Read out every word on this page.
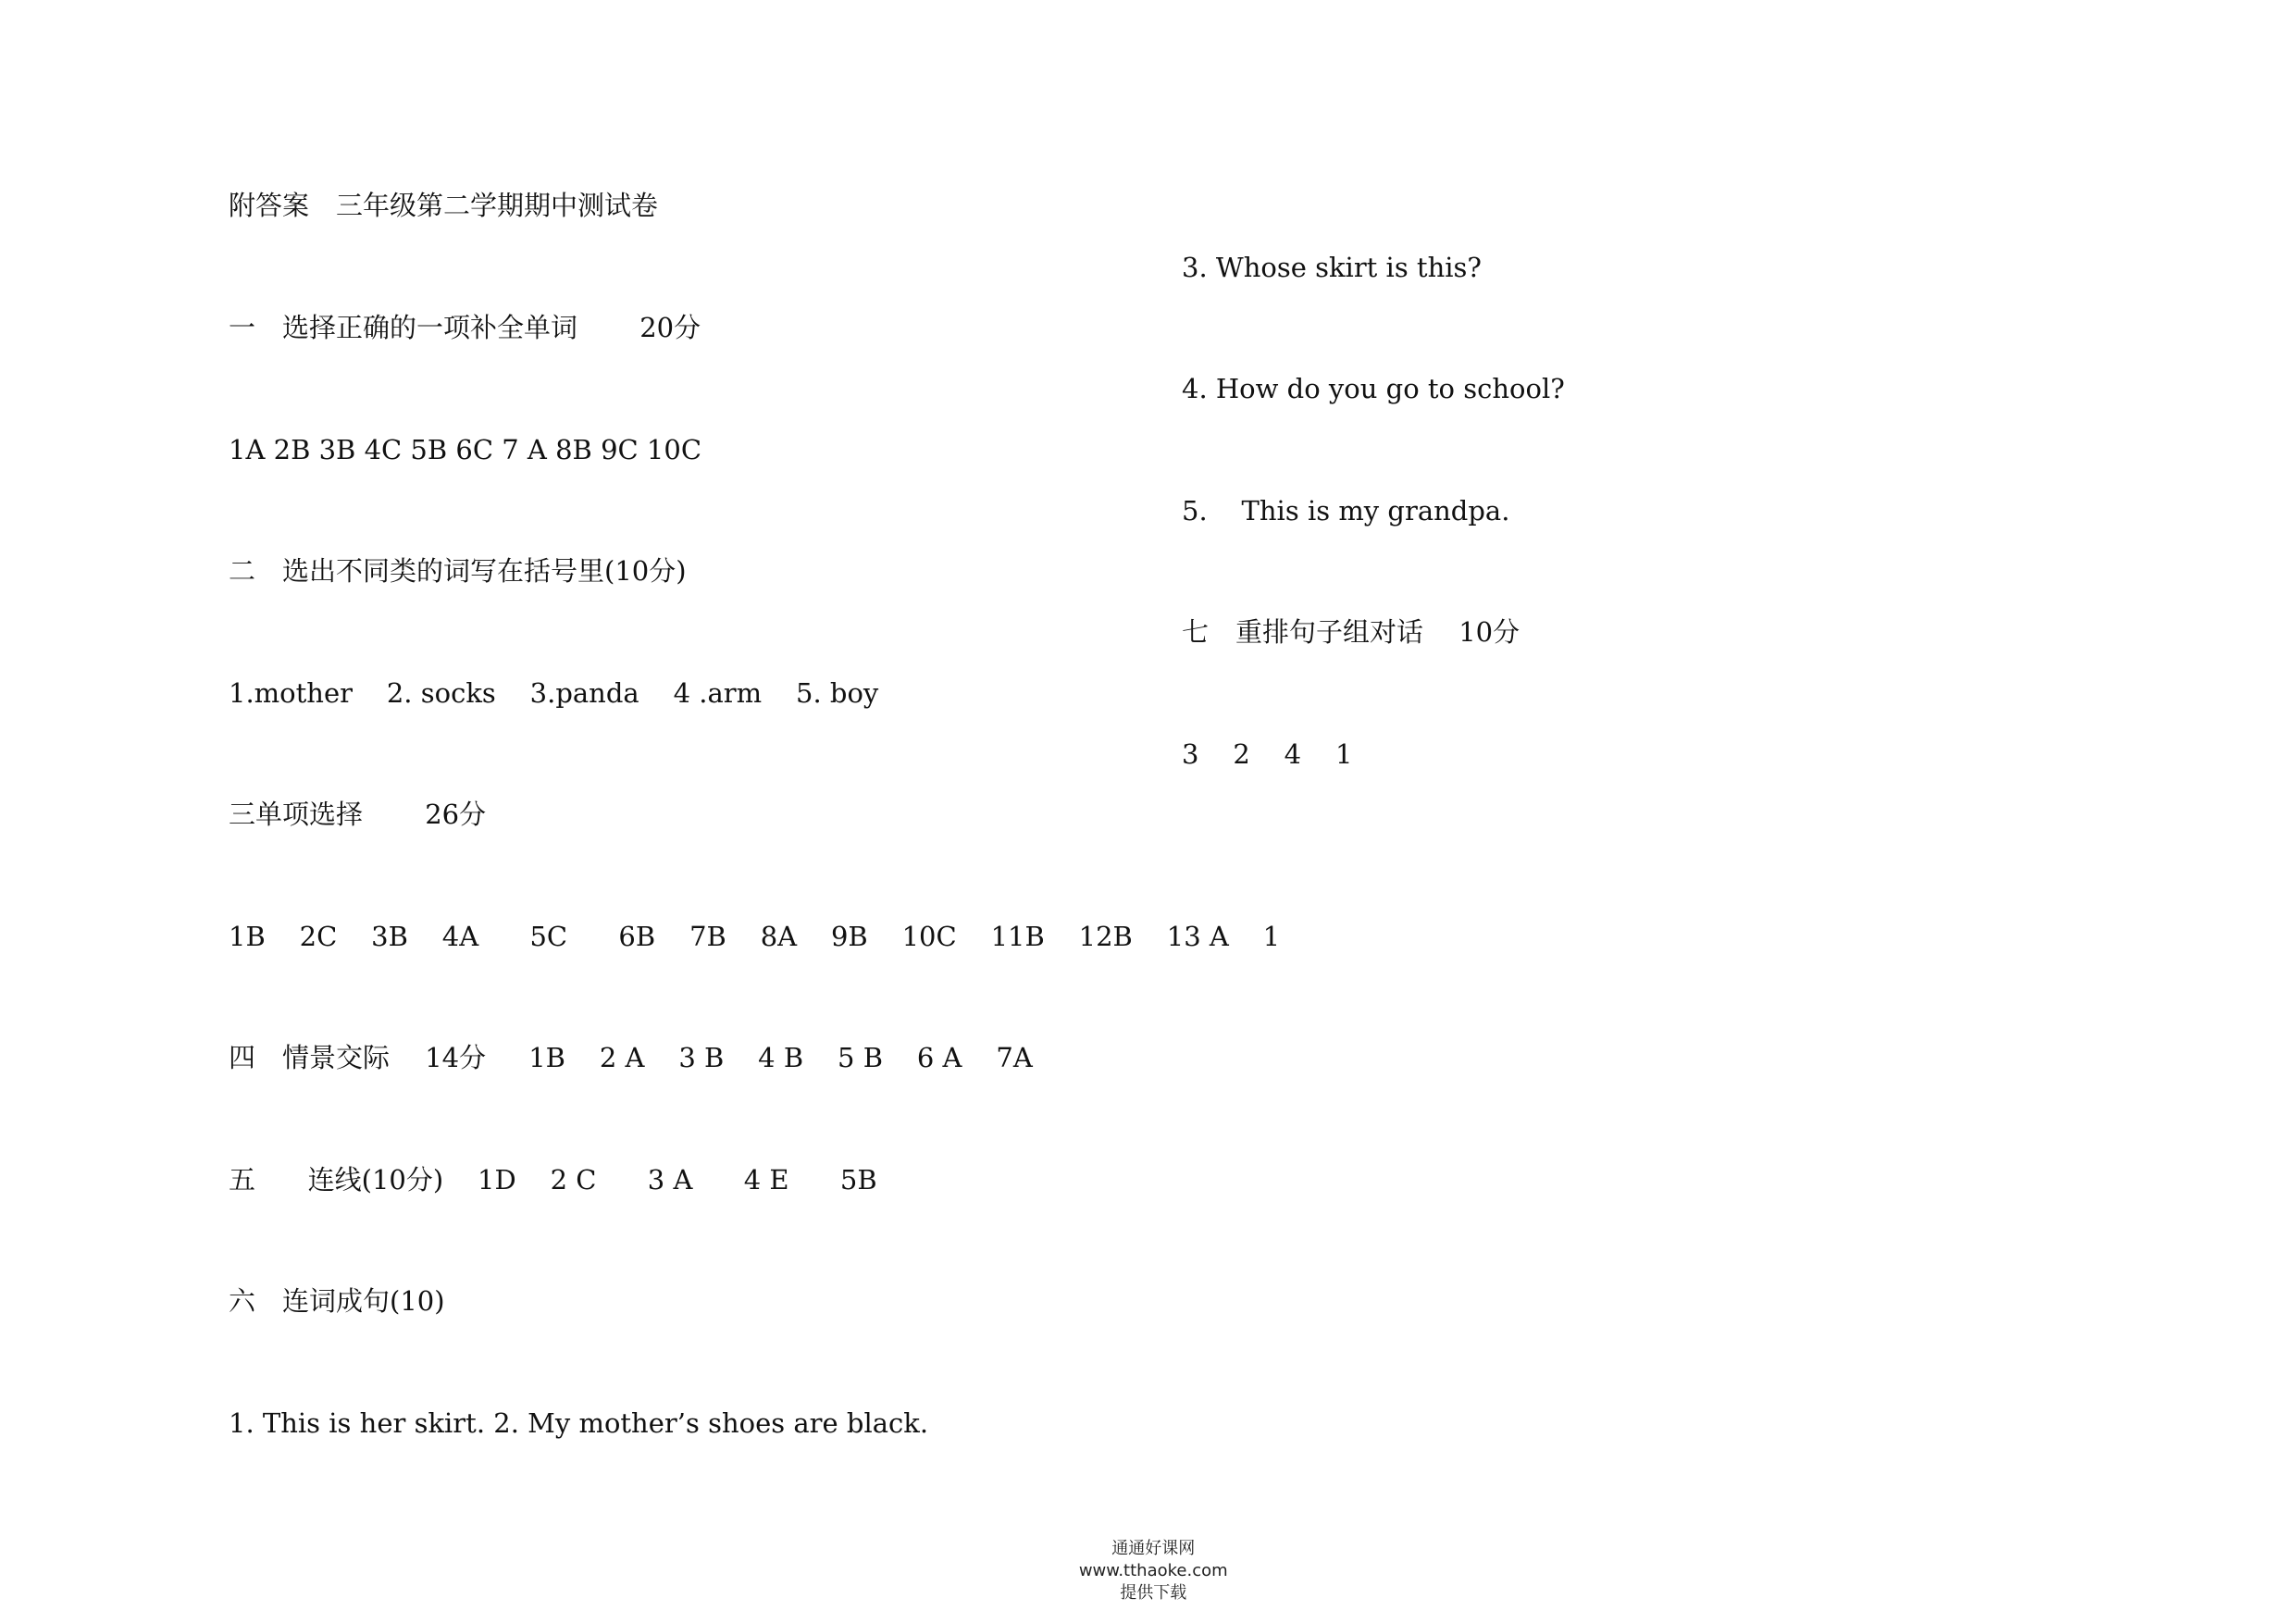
附答案　三年级第二学期期中测试卷

一　选择正确的一项补全单词　　 20分

1A 2B 3B 4C 5B 6C 7 A 8B 9C 10C

二　选出不同类的词写在括号里(10分)

1.mother    2. socks    3.panda    4 .arm    5. boy

三单项选择　　 26分

1B    2C    3B    4A      5C      6B    7B    8A    9B    10C    11B    12B    13 A    1

四　情景交际　 14分     1B    2 A    3 B    4 B    5 B    6 A    7A

五　   连线(10分)    1D    2 C      3 A      4 E      5B

六　连词成句(10)

1. This is her skirt. 2. My mother’s shoes are black.

3. Whose skirt is this?

4. How do you go to school?

5.    This is my grandpa.

七　重排句子组对话　 10分

3    2    4    1

通通好课网
www.tthaoke.com
提供下载
